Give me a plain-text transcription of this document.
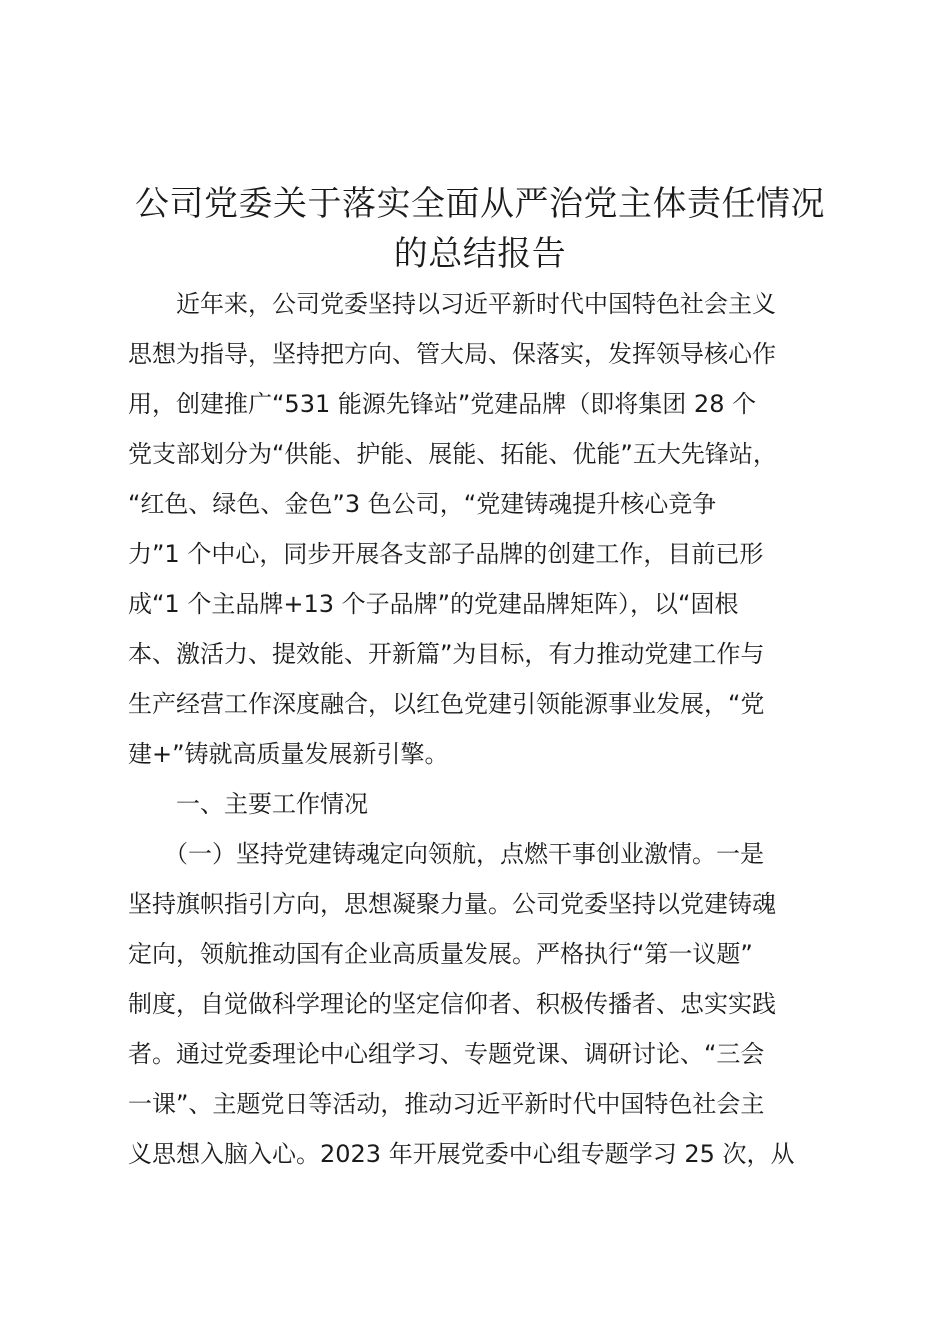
公司党委关于落实全面从严治党主体责任情况
的总结报告

　　近年来，公司党委坚持以习近平新时代中国特色社会主义

思想为指导，坚持把方向、管大局、保落实，发挥领导核心作

用，创建推广“531 能源先锋站”党建品牌（即将集团 28 个

党支部划分为“供能、护能、展能、拓能、优能”五大先锋站，

“红色、绿色、金色”3 色公司，“党建铸魂提升核心竞争

力”1 个中心，同步开展各支部子品牌的创建工作，目前已形

成“1 个主品牌+13 个子品牌”的党建品牌矩阵），以“固根

本、激活力、提效能、开新篇”为目标，有力推动党建工作与

生产经营工作深度融合，以红色党建引领能源事业发展，“党

建+”铸就高质量发展新引擎。

　　一、主要工作情况

　　（一）坚持党建铸魂定向领航，点燃干事创业激情。一是

坚持旗帜指引方向，思想凝聚力量。公司党委坚持以党建铸魂

定向，领航推动国有企业高质量发展。严格执行“第一议题”

制度，自觉做科学理论的坚定信仰者、积极传播者、忠实实践

者。通过党委理论中心组学习、专题党课、调研讨论、“三会

一课”、主题党日等活动，推动习近平新时代中国特色社会主

义思想入脑入心。2023 年开展党委中心组专题学习 25 次，从
